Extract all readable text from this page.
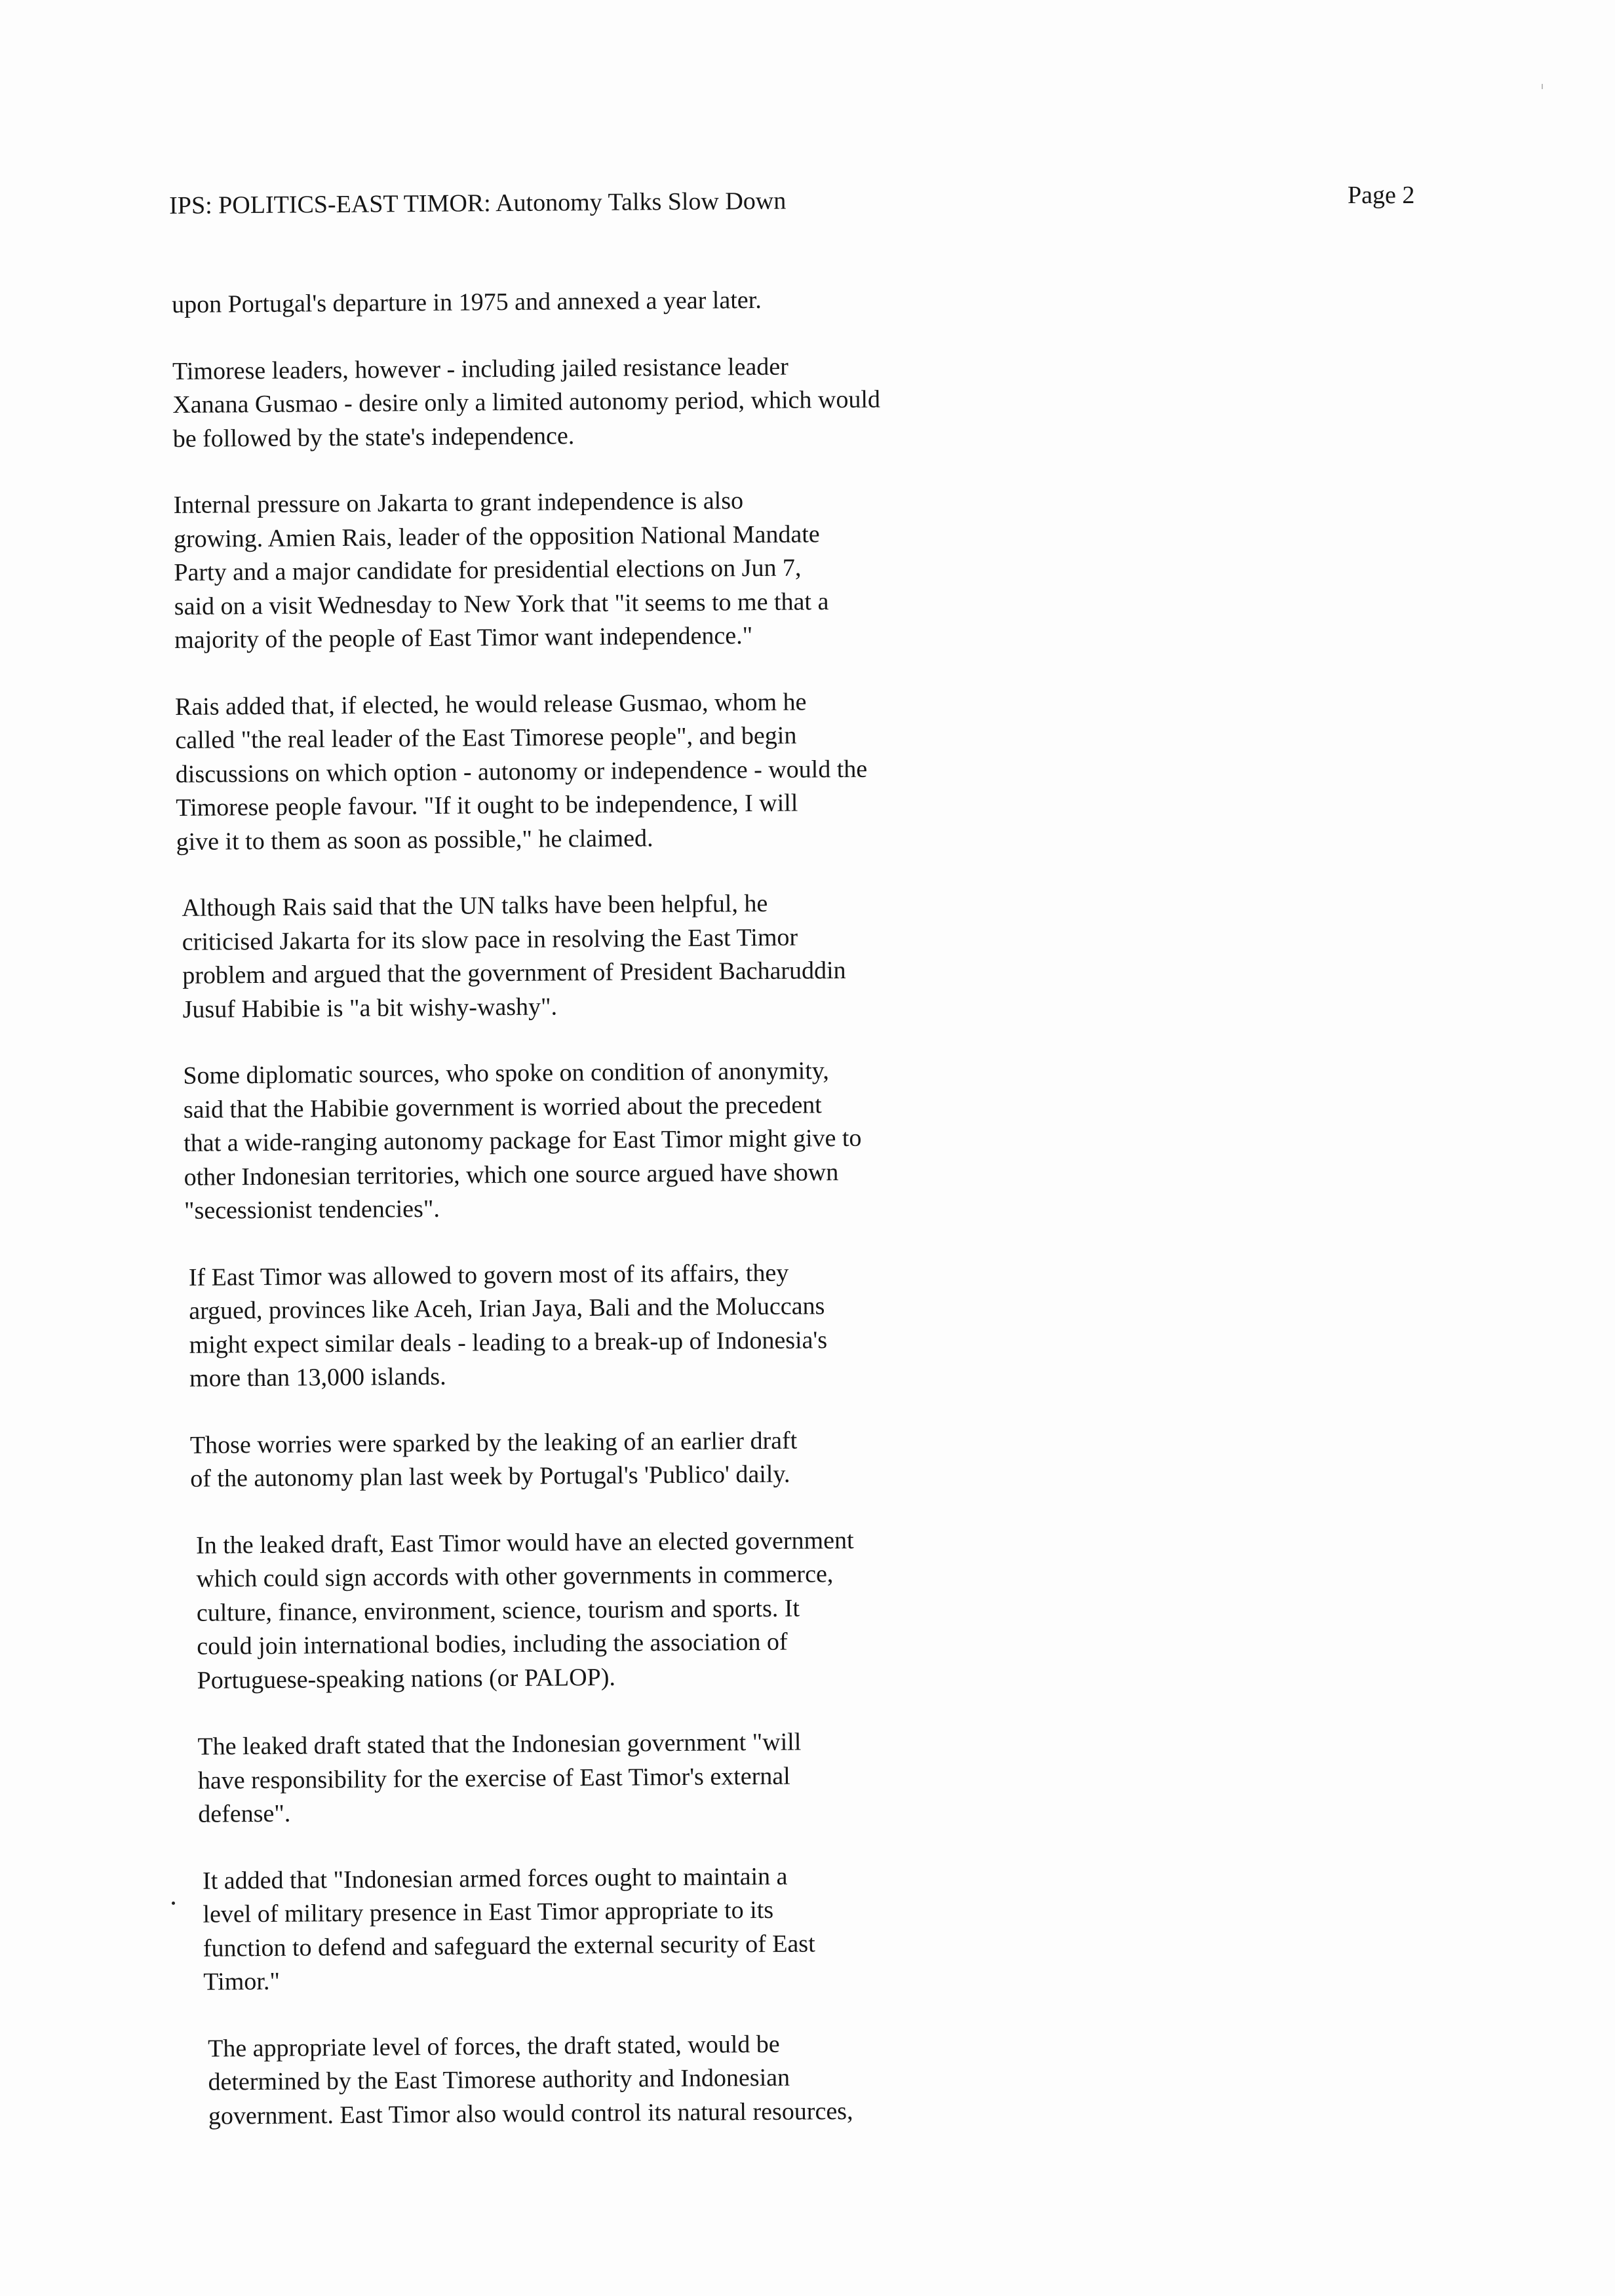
IPS: POLITICS-EAST TIMOR: Autonomy Talks Slow Down	Page 2

upon Portugal's departure in 1975 and annexed a year later.

Timorese leaders, however - including jailed resistance leader
Xanana Gusmao - desire only a limited autonomy period, which would
be followed by the state's independence.

Internal pressure on Jakarta to grant independence is also
growing. Amien Rais, leader of the opposition National Mandate
Party and a major candidate for presidential elections on Jun 7,
said on a visit Wednesday to New York that "it seems to me that a
majority of the people of East Timor want independence."

Rais added that, if elected, he would release Gusmao, whom he
called "the real leader of the East Timorese people", and begin
discussions on which option - autonomy or independence - would the
Timorese people favour. "If it ought to be independence, I will
give it to them as soon as possible," he claimed.

Although Rais said that the UN talks have been helpful, he
criticised Jakarta for its slow pace in resolving the East Timor
problem and argued that the government of President Bacharuddin
Jusuf Habibie is "a bit wishy-washy".

Some diplomatic sources, who spoke on condition of anonymity,
said that the Habibie government is worried about the precedent
that a wide-ranging autonomy package for East Timor might give to
other Indonesian territories, which one source argued have shown
"secessionist tendencies".

If East Timor was allowed to govern most of its affairs, they
argued, provinces like Aceh, Irian Jaya, Bali and the Moluccans
might expect similar deals - leading to a break-up of Indonesia's
more than 13,000 islands.

Those worries were sparked by the leaking of an earlier draft
of the autonomy plan last week by Portugal's 'Publico' daily.

In the leaked draft, East Timor would have an elected government
which could sign accords with other governments in commerce,
culture, finance, environment, science, tourism and sports. It
could join international bodies, including the association of
Portuguese-speaking nations (or PALOP).

The leaked draft stated that the Indonesian government "will
have responsibility for the exercise of East Timor's external
defense".

It added that "Indonesian armed forces ought to maintain a
level of military presence in East Timor appropriate to its
function to defend and safeguard the external security of East
Timor."

The appropriate level of forces, the draft stated, would be
determined by the East Timorese authority and Indonesian
government. East Timor also would control its natural resources,
